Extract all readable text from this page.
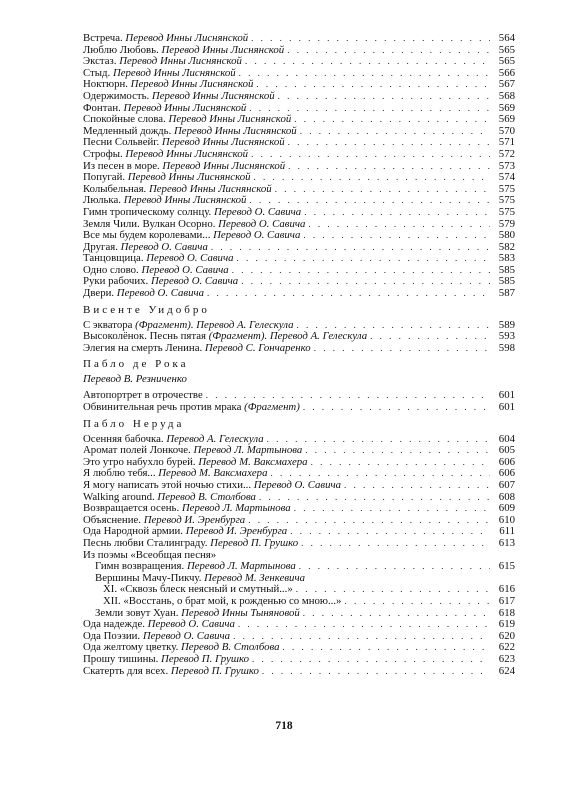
Встреча. Перевод Инны Лиснянской . . .	564
Люблю Любовь. Перевод Инны Лиснянской . . .	565
Экстаз. Перевод Инны Лиснянской . . .	565
Стыд. Перевод Инны Лиснянской . . .	566
Ноктюрн. Перевод Инны Лиснянской . . .	567
Одержимость. Перевод Инны Лиснянской . . .	568
Фонтан. Перевод Инны Лиснянской . . .	569
Спокойные слова. Перевод Инны Лиснянской . . .	569
Медленный дождь. Перевод Инны Лиснянской . . .	570
Песни Сольвейг. Перевод Инны Лиснянской . . .	571
Строфы. Перевод Инны Лиснянской . . .	572
Из песен в море. Перевод Инны Лиснянской . . .	573
Попугай. Перевод Инны Лиснянской . . .	574
Колыбельная. Перевод Инны Лиснянской . . .	575
Люлька. Перевод Инны Лиснянской . . .	575
Гимн тропическому солнцу. Перевод О. Савича . . .	575
Земля Чили. Вулкан Осорно. Перевод О. Савича . . .	579
Все мы будем королевами... Перевод О. Савича . . .	580
Другая. Перевод О. Савича . . .	582
Танцовщица. Перевод О. Савича . . .	583
Одно слово. Перевод О. Савича . . .	585
Руки рабочих. Перевод О. Савича . . .	585
Двери. Перевод О. Савича . . .	587
Висенте Уидобро
С экватора (Фрагмент). Перевод А. Гелескула . . .	589
Высоколёнок. Песнь пятая (Фрагмент). Перевод А. Гелескула . . .	593
Элегия на смерть Ленина. Перевод С. Гончаренко . . .	598
Пабло де Рока
Перевод В. Резниченко
Автопортрет в отрочестве . . .	601
Обвинительная речь против мрака (Фрагмент) . . .	601
Пабло Неруда
Осенняя бабочка. Перевод А. Гелескула . . .	604
Аромат полей Лонкоче. Перевод Л. Мартынова . . .	605
Это утро набухло бурей. Перевод М. Ваксмахера . . .	606
Я люблю тебя... Перевод М. Ваксмахера . . .	606
Я могу написать этой ночью стихи... Перевод О. Савича . . .	607
Walking around. Перевод В. Столбова . . .	608
Возвращается осень. Перевод Л. Мартынова . . .	609
Объяснение. Перевод И. Эренбурга . . .	610
Ода Народной армии. Перевод И. Эренбурга . . .	611
Песнь любви Сталинграду. Перевод П. Грушко . . .	613
Из поэмы «Всеобщая песня»
Гимн возвращения. Перевод Л. Мартынова . . .	615
Вершины Мачу-Пикчу. Перевод М. Зенкевича
XI. «Сквозь блеск неясный и смутный...» . . .	616
XII. «Восстань, о брат мой, к рожденью со мною...» . . .	617
Земли зовут Хуан. Перевод Инны Тыняновой . . .	618
Ода надежде. Перевод О. Савича . . .	619
Ода Поэзии. Перевод О. Савича . . .	620
Ода желтому цветку. Перевод В. Столбова . . .	622
Прошу тишины. Перевод П. Грушко . . .	623
Скатерть для всех. Перевод П. Грушко . . .	624
718
